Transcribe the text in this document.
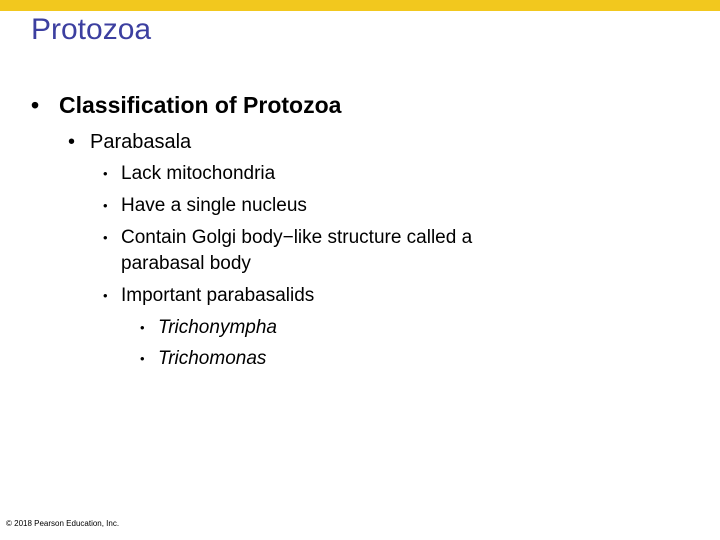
Protozoa
• Classification of Protozoa
• Parabasala
• Lack mitochondria
• Have a single nucleus
• Contain Golgi body−like structure called a
parabasal body
• Important parabasalids
• Trichonympha
• Trichomonas
© 2018 Pearson Education, Inc.
